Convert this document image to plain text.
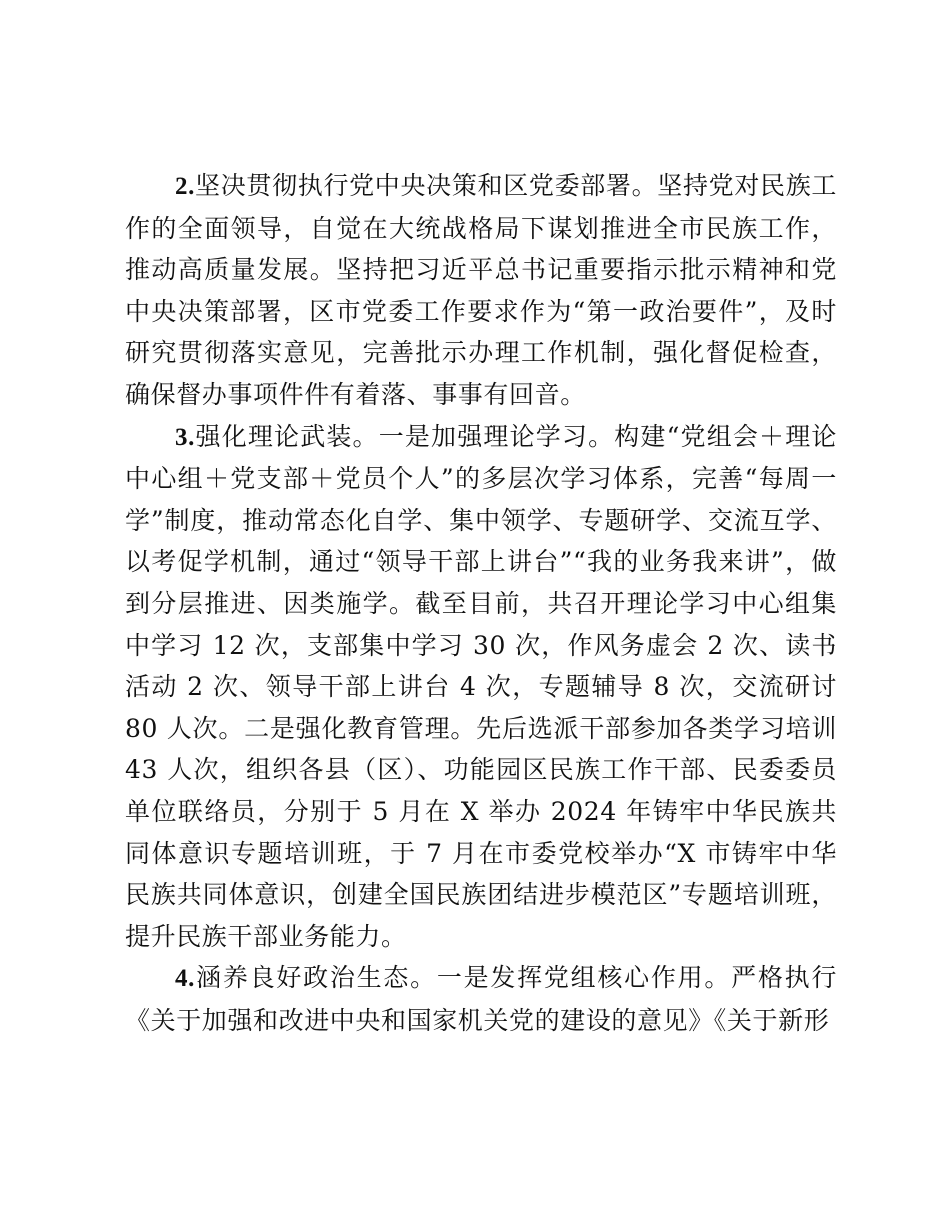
2.坚决贯彻执行党中央决策和区党委部署。坚持党对民族工作的全面领导，自觉在大统战格局下谋划推进全市民族工作，推动高质量发展。坚持把习近平总书记重要指示批示精神和党中央决策部署，区市党委工作要求作为“第一政治要件”，及时研究贯彻落实意见，完善批示办理工作机制，强化督促检查，确保督办事项件件有着落、事事有回音。

3.强化理论武装。一是加强理论学习。构建“党组会＋理论中心组＋党支部＋党员个人”的多层次学习体系，完善“每周一学”制度，推动常态化自学、集中领学、专题研学、交流互学、以考促学机制，通过“领导干部上讲台”“我的业务我来讲”，做到分层推进、因类施学。截至目前，共召开理论学习中心组集中学习 12 次，支部集中学习 30 次，作风务虚会 2 次、读书活动 2 次、领导干部上讲台 4 次，专题辅导 8 次，交流研讨 80 人次。二是强化教育管理。先后选派干部参加各类学习培训 43 人次，组织各县（区）、功能园区民族工作干部、民委委员单位联络员，分别于 5 月在 X 举办 2024 年铸牢中华民族共同体意识专题培训班，于 7 月在市委党校举办“X 市铸牢中华民族共同体意识，创建全国民族团结进步模范区”专题培训班，提升民族干部业务能力。

4.涵养良好政治生态。一是发挥党组核心作用。严格执行《关于加强和改进中央和国家机关党的建设的意见》《关于新形
